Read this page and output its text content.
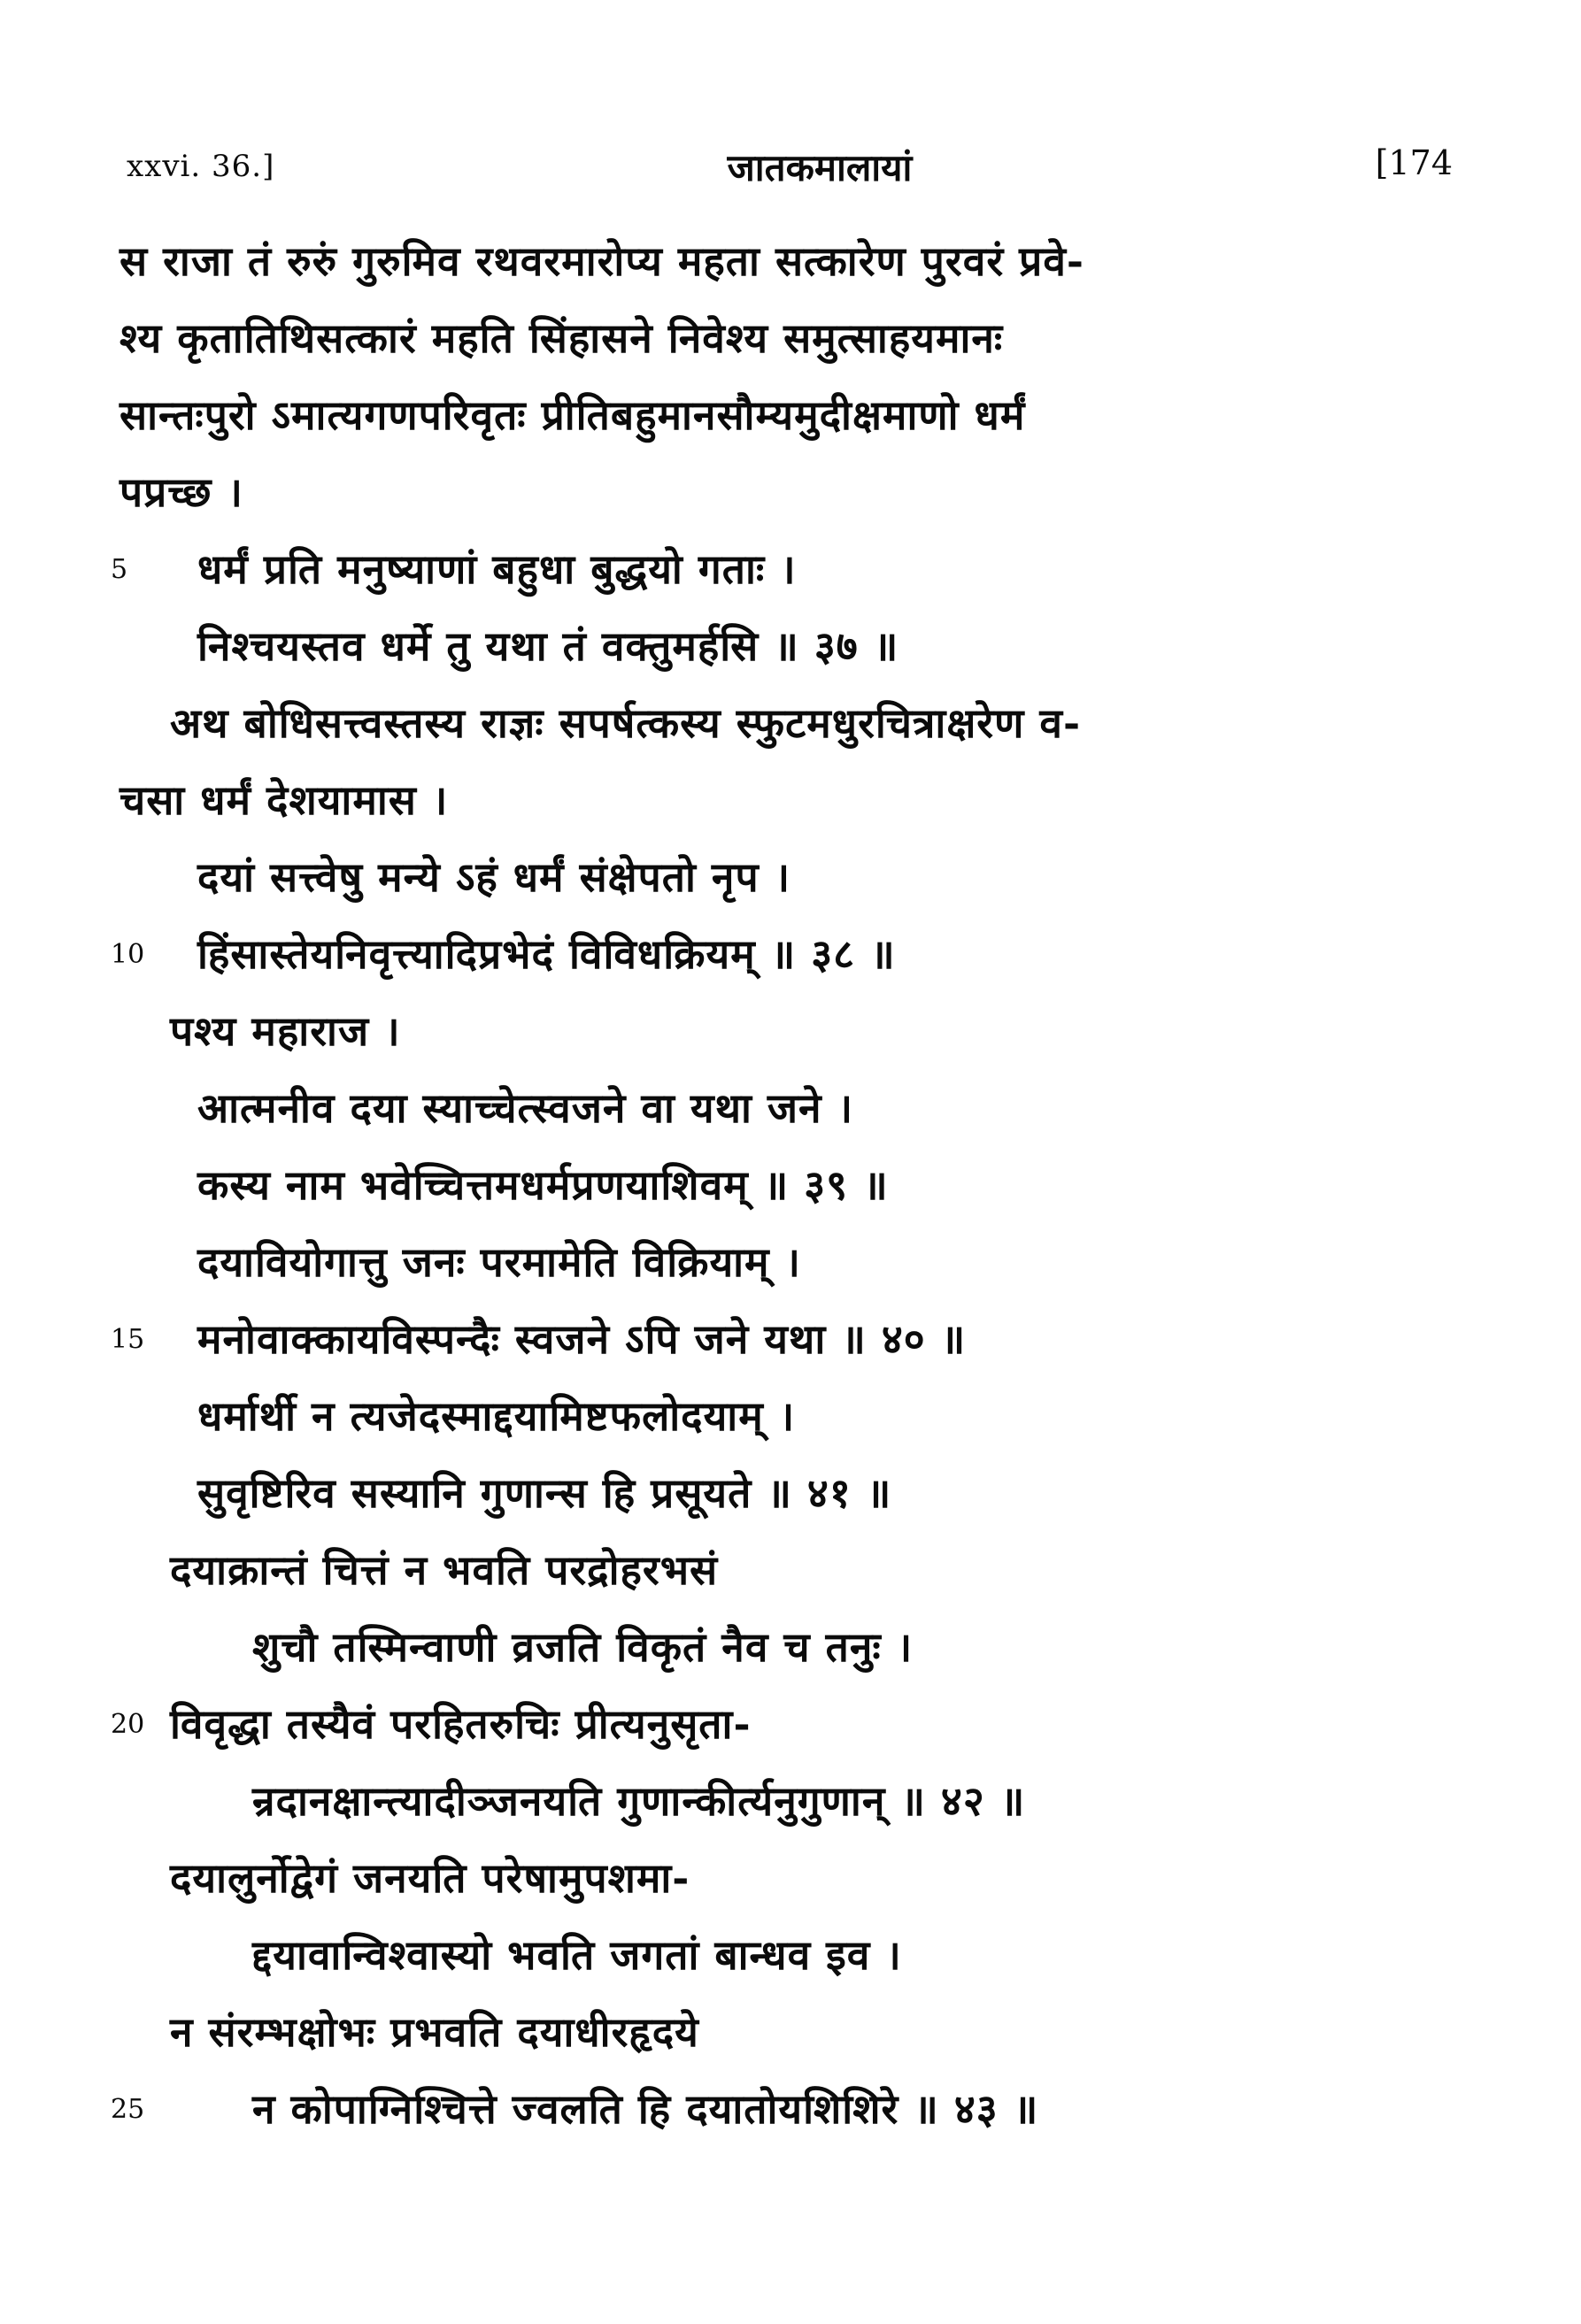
xxvi. 36.]	जातकमालायां	[174
स राजा तं रुरुं गुरुमिव रथवरमारोप्य महता सत्कारेण पुरवरं प्रवे-
श्य कृतातिथिसत्कारं महति सिंहासने निवेश्य समुत्साहयमानः
सान्तःपुरो ऽमात्यगणपरिवृतः प्रीतिबहुमानसौम्यमुदीक्षमाणो धर्मं
पप्रच्छ ।
5	धर्मं प्रति मनुष्याणां बहुधा बुद्धयो गताः ।
निश्चयस्तव धर्मे तु यथा तं वक्तुमर्हसि ॥ ३७ ॥
अथ बोधिसत्त्वस्तस्य राज्ञः सपर्षत्कस्य स्फुटमधुरचित्राक्षरेण व-
चसा धर्मं देशयामास ।
दयां सत्त्वेषु मन्ये ऽहं धर्मं संक्षेपतो नृप ।
10	हिंसास्तेयनिवृत्त्यादिप्रभेदं विविधक्रियम् ॥ ३८ ॥
पश्य महाराज ।
आत्मनीव दया स्याच्चेत्स्वजने वा यथा जने ।
कस्य नाम भवेच्चित्तमधर्मप्रणयाशिवम् ॥ ३९ ॥
दयावियोगात्तु जनः परमामेति विक्रियाम् ।
15	मनोवाक्कायविस्पन्दैः स्वजने ऽपि जने यथा ॥ ४० ॥
धर्मार्थी न त्यजेदस्माद्दयामिष्टफलोदयाम् ।
सुवृष्टिरिव सस्यानि गुणान्स हि प्रसूयते ॥ ४१ ॥
दयाक्रान्तं चित्तं न भवति परद्रोहरभसं
शुचौ तस्मिन्वाणी व्रजति विकृतं नैव च तनुः ।
20 विवृद्धा तस्यैवं परहितरुचिः प्रीत्यनुसृता-
न्रदानक्षान्त्यादीञ्जनयति गुणान्कीर्त्यनुगुणान् ॥ ४२ ॥
दयालुर्नोद्वेगं जनयति परेषामुपशमा-
द्दयावान्विश्वास्यो भवति जगतां बान्धव इव ।
न संरम्भक्षोभः प्रभवति दयाधीरहृदये
25	न कोपाग्निश्चित्ते ज्वलति हि दयातोयशिशिरे ॥ ४३ ॥
